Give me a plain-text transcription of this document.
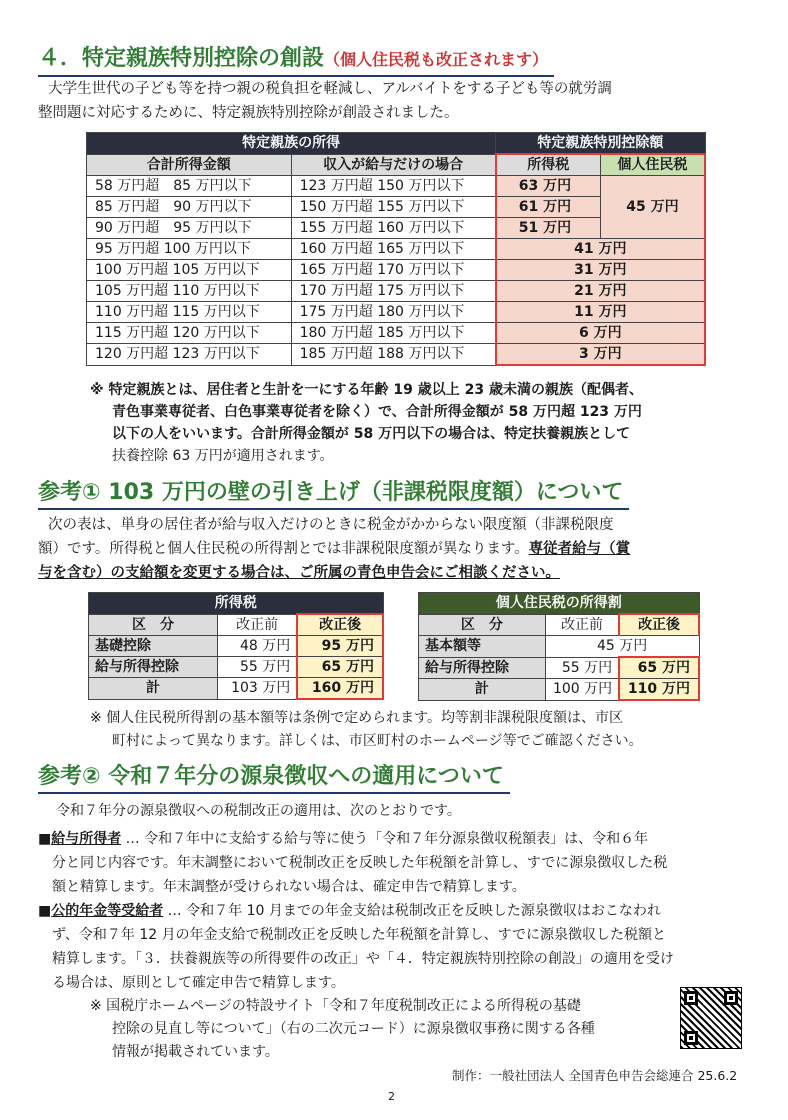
４．特定親族特別控除の創設（個人住民税も改正されます）
大学生世代の子ども等を持つ親の税負担を軽減し、アルバイトをする子ども等の就労調
整問題に対応するために、特定親族特別控除が創設されました。
特定親族の所得		特定親族特別控除額	
合計所得金額	収入が給与だけの場合	所得税	個人住民税
58 万円超　85 万円以下	123 万円超 150 万円以下	63 万円	45 万円
85 万円超　90 万円以下	150 万円超 155 万円以下	61 万円	
90 万円超　95 万円以下	155 万円超 160 万円以下	51 万円	
95 万円超 100 万円以下	160 万円超 165 万円以下	41 万円	
100 万円超 105 万円以下	165 万円超 170 万円以下	31 万円	
105 万円超 110 万円以下	170 万円超 175 万円以下	21 万円	
110 万円超 115 万円以下	175 万円超 180 万円以下	11 万円	
115 万円超 120 万円以下	180 万円超 185 万円以下	6 万円	
120 万円超 123 万円以下	185 万円超 188 万円以下	3 万円	
※ 特定親族とは、居住者と生計を一にする年齢 19 歳以上 23 歳未満の親族（配偶者、
青色事業専従者、白色事業専従者を除く）で、合計所得金額が 58 万円超 123 万円
以下の人をいいます。合計所得金額が 58 万円以下の場合は、特定扶養親族として
扶養控除 63 万円が適用されます。
参考① 103 万円の壁の引き上げ（非課税限度額）について
次の表は、単身の居住者が給与収入だけのときに税金がかからない限度額（非課税限度
額）です。所得税と個人住民税の所得割とでは非課税限度額が異なります。専従者給与（賞
与を含む）の支給額を変更する場合は、ご所属の青色申告会にご相談ください。
所得税		
区　分	改正前	改正後
基礎控除	48 万円	95 万円
給与所得控除	55 万円	65 万円
計	103 万円	160 万円
個人住民税の所得割		
区　分	改正前	改正後
基本額等	45 万円	
給与所得控除	55 万円	65 万円
計	100 万円	110 万円
※ 個人住民税所得割の基本額等は条例で定められます。均等割非課税限度額は、市区
町村によって異なります。詳しくは、市区町村のホームページ等でご確認ください。
参考② 令和７年分の源泉徴収への適用について
令和７年分の源泉徴収への税制改正の適用は、次のとおりです。
■給与所得者 … 令和７年中に支給する給与等に使う「令和７年分源泉徴収税額表」は、令和６年
分と同じ内容です。年末調整において税制改正を反映した年税額を計算し、すでに源泉徴収した税
額と精算します。年末調整が受けられない場合は、確定申告で精算します。
■公的年金等受給者 … 令和７年 10 月までの年金支給は税制改正を反映した源泉徴収はおこなわれ
ず、令和７年 12 月の年金支給で税制改正を反映した年税額を計算し、すでに源泉徴収した税額と
精算します。「３．扶養親族等の所得要件の改正」や「４．特定親族特別控除の創設」の適用を受け
る場合は、原則として確定申告で精算します。
※ 国税庁ホームページの特設サイト「令和７年度税制改正による所得税の基礎
控除の見直し等について」（右の二次元コード）に源泉徴収事務に関する各種
情報が掲載されています。
制作：一般社団法人 全国青色申告会総連合 25.6.2
2
